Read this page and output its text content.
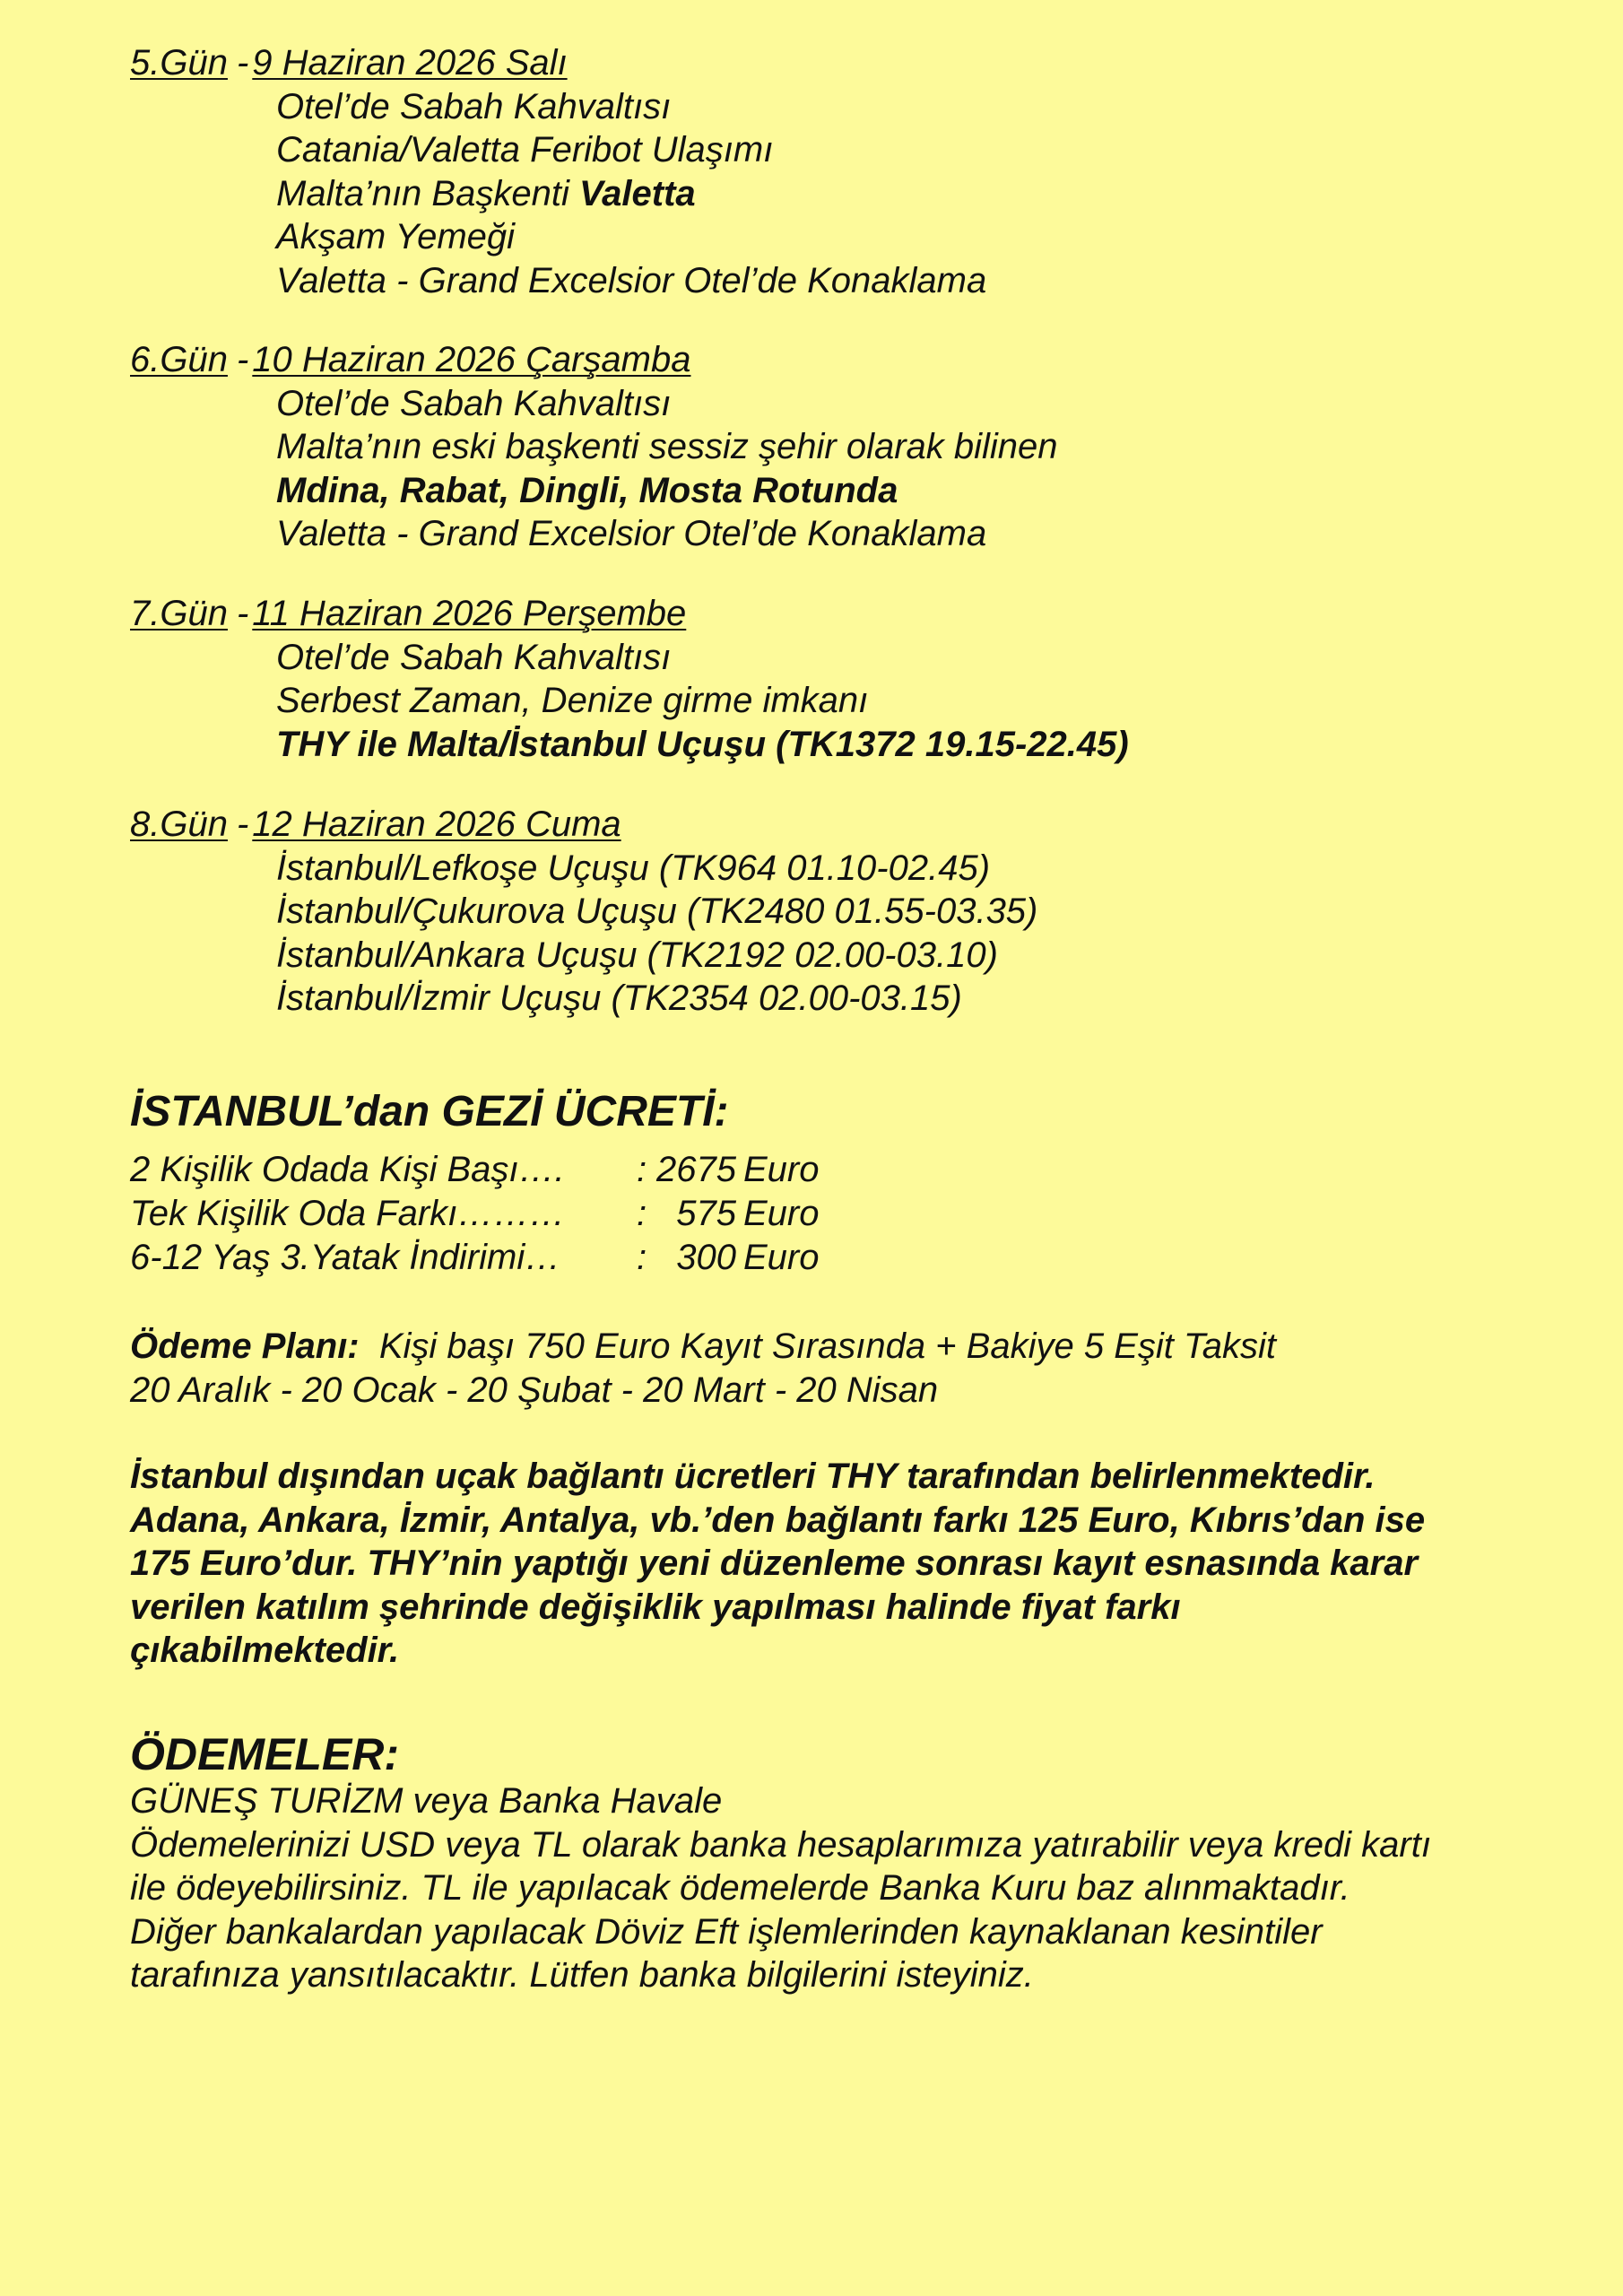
5.Gün - 9 Haziran 2026 Salı
Otel’de Sabah Kahvaltısı
Catania/Valetta Feribot Ulaşımı
Malta’nın Başkenti Valetta
Akşam Yemeği
Valetta - Grand Excelsior Otel’de Konaklama
6.Gün - 10 Haziran 2026 Çarşamba
Otel’de Sabah Kahvaltısı
Malta’nın eski başkenti sessiz şehir olarak bilinen
Mdina, Rabat, Dingli, Mosta Rotunda
Valetta - Grand Excelsior Otel’de Konaklama
7.Gün - 11 Haziran 2026 Perşembe
Otel’de Sabah Kahvaltısı
Serbest Zaman, Denize girme imkanı
THY ile Malta/İstanbul Uçuşu (TK1372 19.15-22.45)
8.Gün - 12 Haziran 2026 Cuma
İstanbul/Lefkoşe Uçuşu (TK964 01.10-02.45)
İstanbul/Çukurova Uçuşu (TK2480 01.55-03.35)
İstanbul/Ankara Uçuşu (TK2192 02.00-03.10)
İstanbul/İzmir Uçuşu (TK2354 02.00-03.15)
İSTANBUL’dan GEZİ ÜCRETİ:
2 Kişilik Odada Kişi Başı….	:	2675	Euro
Tek Kişilik Oda Farkı………	:	575	Euro
6-12 Yaş 3.Yatak İndirimi…	:	300	Euro
Ödeme Planı:  Kişi başı 750 Euro Kayıt Sırasında + Bakiye 5 Eşit Taksit
20 Aralık - 20 Ocak - 20 Şubat - 20 Mart - 20 Nisan
İstanbul dışından uçak bağlantı ücretleri THY tarafından belirlenmektedir.
Adana, Ankara, İzmir, Antalya, vb.’den bağlantı farkı 125 Euro, Kıbrıs’dan ise
175 Euro’dur. THY’nin yaptığı yeni düzenleme sonrası kayıt esnasında karar
verilen katılım şehrinde değişiklik yapılması halinde fiyat farkı
çıkabilmektedir.
ÖDEMELER:
GÜNEŞ TURİZM veya Banka Havale
Ödemelerinizi USD veya TL olarak banka hesaplarımıza yatırabilir veya kredi kartı
ile ödeyebilirsiniz. TL ile yapılacak ödemelerde Banka Kuru baz alınmaktadır.
Diğer bankalardan yapılacak Döviz Eft işlemlerinden kaynaklanan kesintiler
tarafınıza yansıtılacaktır. Lütfen banka bilgilerini isteyiniz.
